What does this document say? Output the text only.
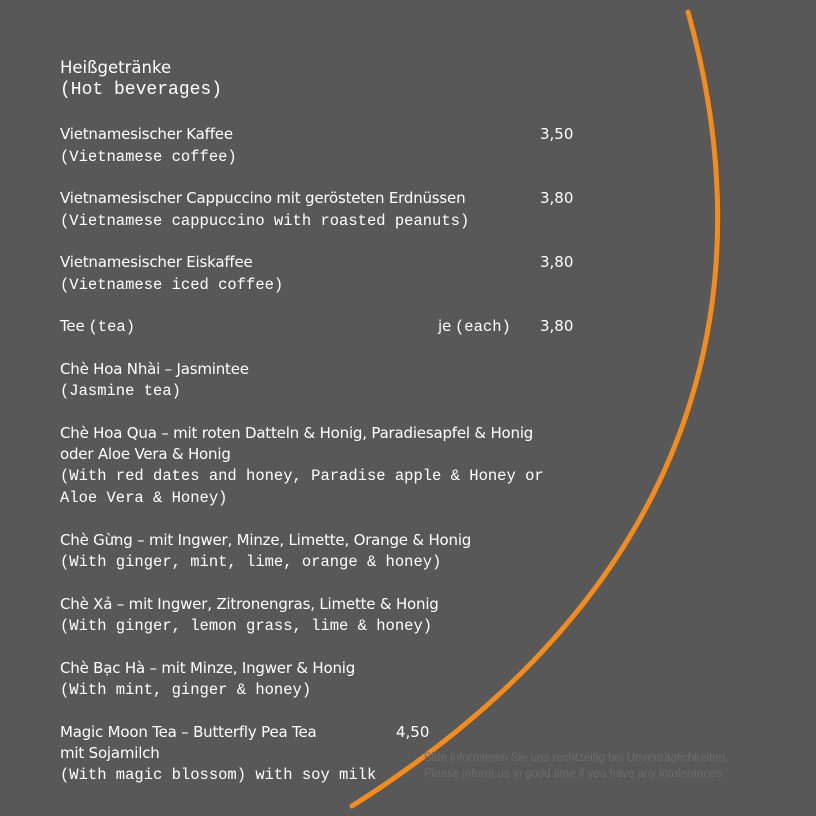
Heißgetränke
(Hot beverages)
Vietnamesischer Kaffee
(Vietnamese coffee)
3,50
Vietnamesischer Cappuccino mit gerösteten Erdnüssen
(Vietnamese cappuccino with roasted peanuts)
3,80
Vietnamesischer Eiskaffee
(Vietnamese iced coffee)
3,80
Tee (tea)	je (each) 3,80
Chè Hoa Nhài – Jasmintee
(Jasmine tea)
Chè Hoa Qua – mit roten Datteln & Honig, Paradiesapfel & Honig
oder Aloe Vera & Honig
(With red dates and honey, Paradise apple & Honey or
Aloe Vera & Honey)
Chè Gừng – mit Ingwer, Minze, Limette, Orange & Honig
(With ginger, mint, lime, orange & honey)
Chè Xả – mit Ingwer, Zitronengras, Limette & Honig
(With ginger, lemon grass, lime & honey)
Chè Bạc Hà – mit Minze, Ingwer & Honig
(With mint, ginger & honey)
Magic Moon Tea – Butterfly Pea Tea
mit Sojamilch
(With magic blossom) with soy milk
4,50
Bitte informieren Sie uns rechtzeitig bei Unverträglichkeiten.
Please inform us in good time if you have any intolerances.
